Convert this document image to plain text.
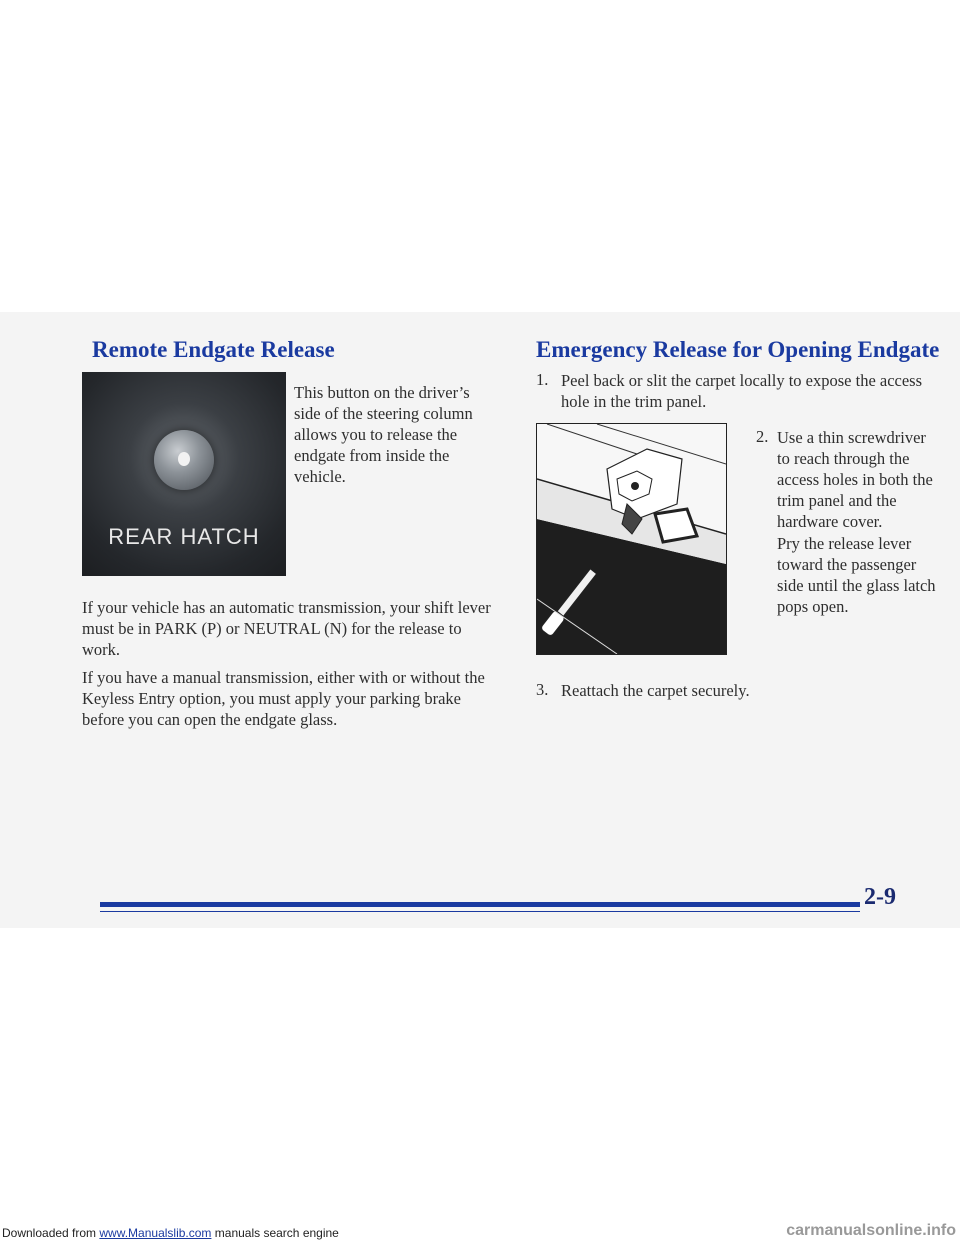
Remote Endgate Release
REAR HATCH

This button on the driver’s side of the steering column allows you to release the endgate from inside the vehicle.

If your vehicle has an automatic transmission, your shift lever must be in PARK (P) or NEUTRAL (N) for the release to work.

If you have a manual transmission, either with or without the Keyless Entry option, you must apply your parking brake before you can open the endgate glass.

Emergency Release for Opening Endgate
1. Peel back or slit the carpet locally to expose the access hole in the trim panel.

2. Use a thin screwdriver to reach through the access holes in both the trim panel and the hardware cover.

Pry the release lever toward the passenger side until the glass latch pops open.

3. Reattach the carpet securely.

2-9
Downloaded from www.Manualslib.com manuals search engine	carmanualsonline.info
